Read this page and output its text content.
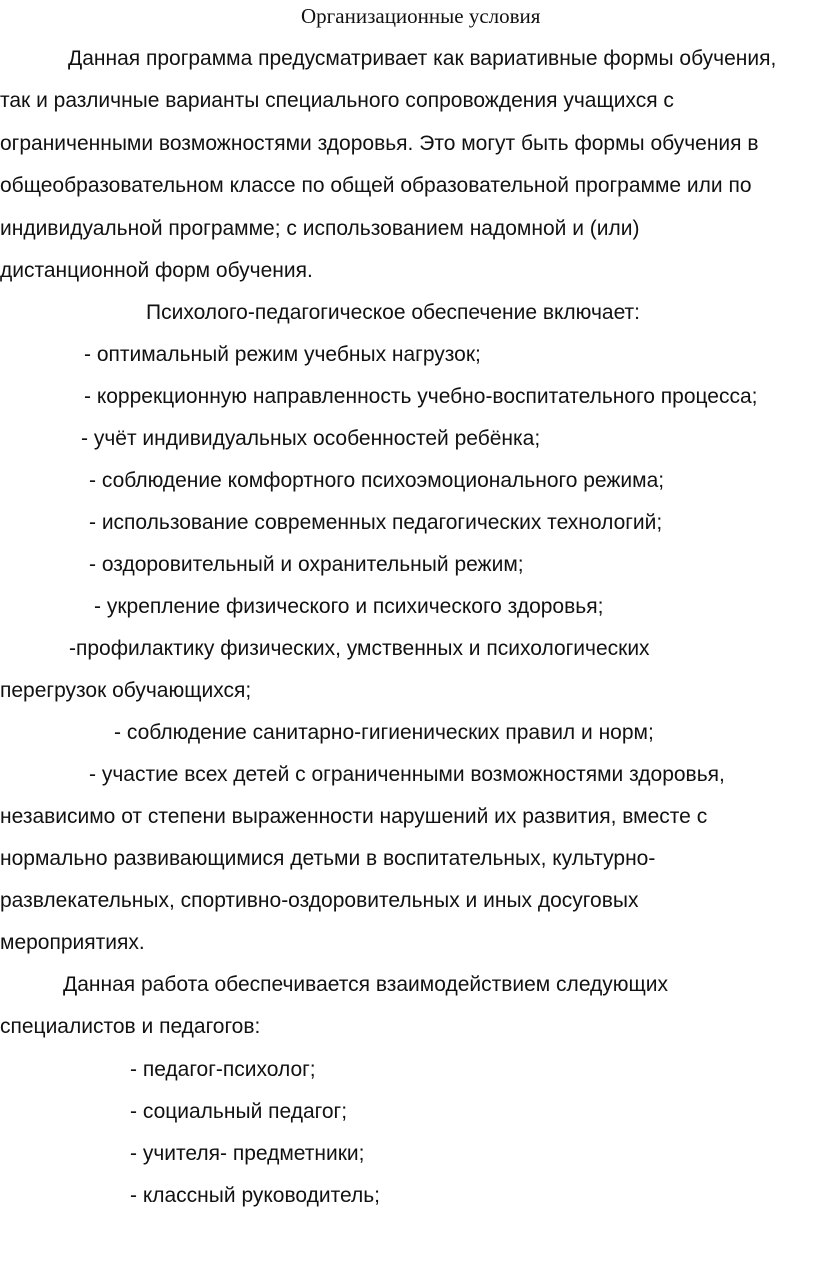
Организационные условия
Данная программа предусматривает как вариативные формы обучения,
так и различные варианты специального сопровождения учащихся с
ограниченными возможностями здоровья. Это могут быть формы обучения в
общеобразовательном классе по общей образовательной программе или по
индивидуальной программе; с использованием надомной и (или)
дистанционной форм обучения.
Психолого-педагогическое обеспечение включает:
- оптимальный режим учебных нагрузок;
- коррекционную направленность учебно-воспитательного процесса;
- учёт индивидуальных особенностей ребёнка;
- соблюдение комфортного психоэмоционального режима;
- использование современных педагогических технологий;
- оздоровительный и охранительный режим;
- укрепление физического и психического здоровья;
-профилактику физических, умственных и психологических
перегрузок обучающихся;
- соблюдение санитарно-гигиенических правил и норм;
- участие всех детей с ограниченными возможностями здоровья,
независимо от степени выраженности нарушений их развития, вместе с
нормально развивающимися детьми в воспитательных, культурно-
развлекательных, спортивно-оздоровительных и иных досуговых
мероприятиях.
Данная работа обеспечивается взаимодействием следующих
специалистов и педагогов:
- педагог-психолог;
- социальный педагог;
- учителя- предметники;
- классный руководитель;
